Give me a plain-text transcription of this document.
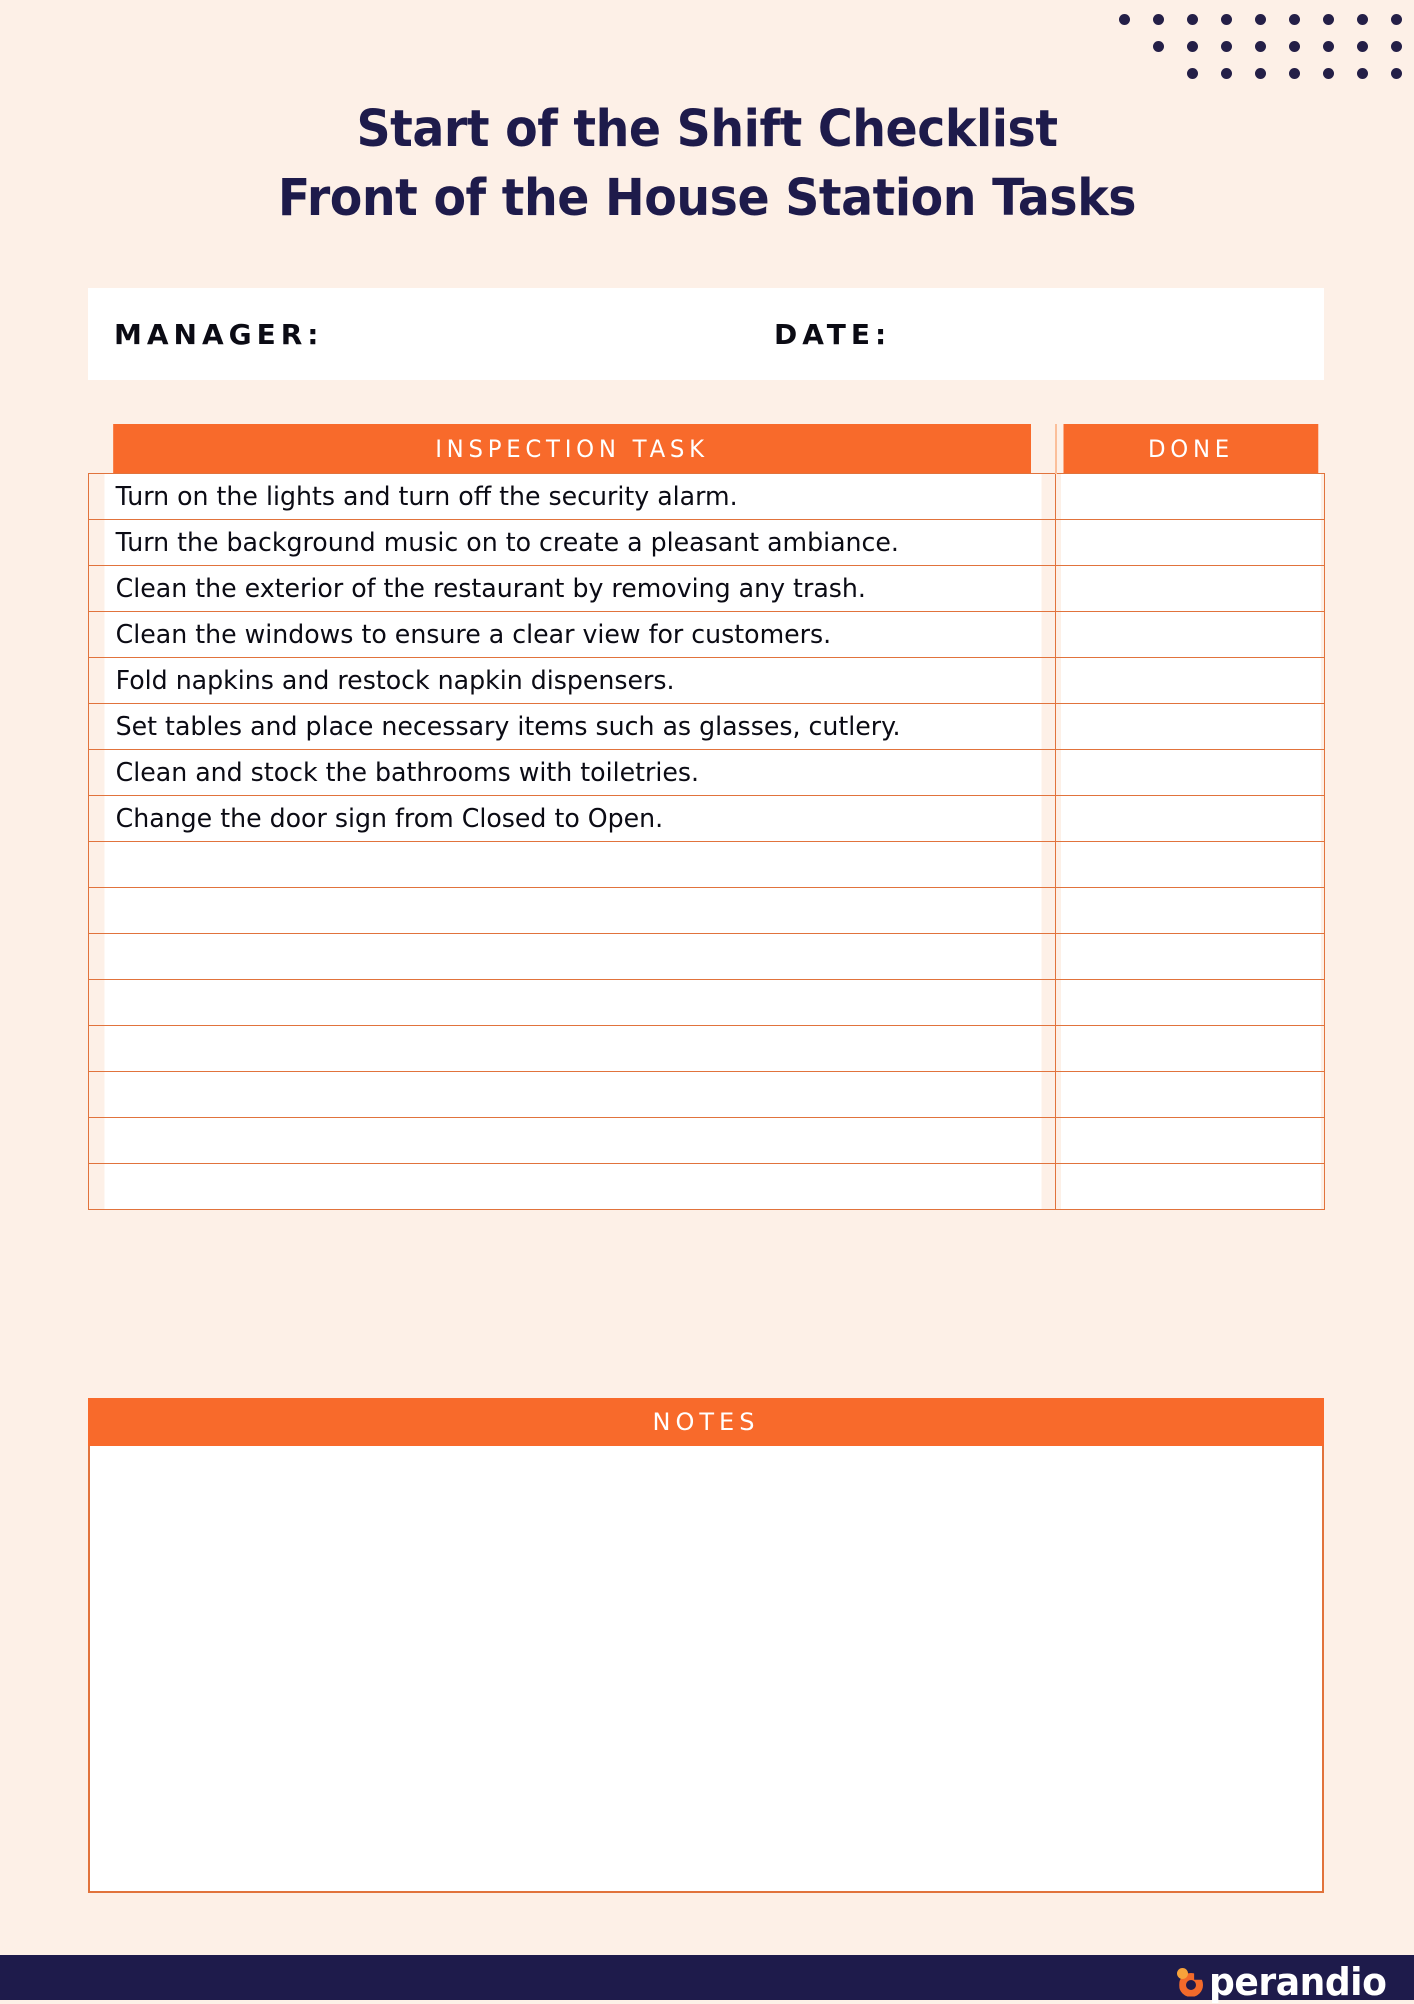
Start of the Shift Checklist
Front of the House Station Tasks
MANAGER:	DATE:
INSPECTION TASK	DONE
Turn on the lights and turn off the security alarm.	
Turn the background music on to create a pleasant ambiance.	
Clean the exterior of the restaurant by removing any trash.	
Clean the windows to ensure a clear view for customers.	
Fold napkins and restock napkin dispensers.	
Set tables and place necessary items such as glasses, cutlery.	
Clean and stock the bathrooms with toiletries.	
Change the door sign from Closed to Open.	

NOTES
perandio
